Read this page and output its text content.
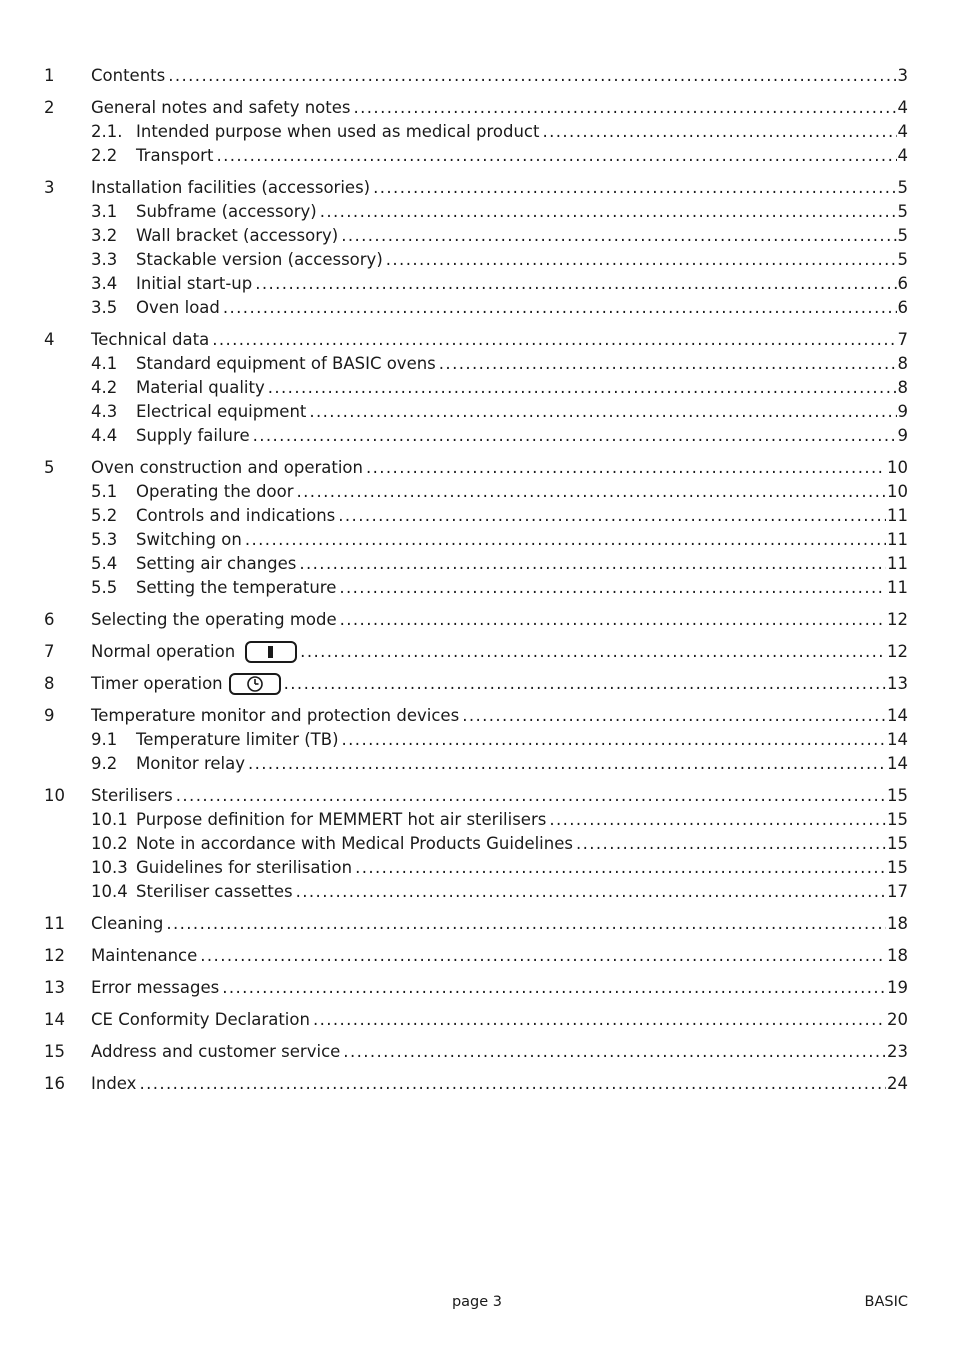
1 Contents .....	3
2 General notes and safety notes .....	4
2.1. Intended purpose when used as medical product .....	4
2.2 Transport .....	4
3 Installation facilities (accessories) .....	5
3.1 Subframe (accessory) .....	5
3.2 Wall bracket (accessory) .....	5
3.3 Stackable version (accessory) .....	5
3.4 Initial start-up .....	6
3.5 Oven load .....	6
4 Technical data .....	7
4.1 Standard equipment of BASIC ovens .....	8
4.2 Material quality .....	8
4.3 Electrical equipment .....	9
4.4 Supply failure .....	9
5 Oven construction and operation .....	10
5.1 Operating the door .....	10
5.2 Controls and indications .....	11
5.3 Switching on .....	11
5.4 Setting air changes .....	11
5.5 Setting the temperature .....	11
6 Selecting the operating mode .....	12
7 Normal operation .....	12
8 Timer operation .....	13
9 Temperature monitor and protection devices .....	14
9.1 Temperature limiter (TB) .....	14
9.2 Monitor relay .....	14
10 Sterilisers .....	15
10.1 Purpose definition for MEMMERT hot air sterilisers .....	15
10.2 Note in accordance with Medical Products Guidelines .....	15
10.3 Guidelines for sterilisation .....	15
10.4 Steriliser cassettes .....	17
11 Cleaning .....	18
12 Maintenance .....	18
13 Error messages .....	19
14 CE Conformity Declaration .....	20
15 Address and customer service .....	23
16 Index .....	24
page 3	BASIC
